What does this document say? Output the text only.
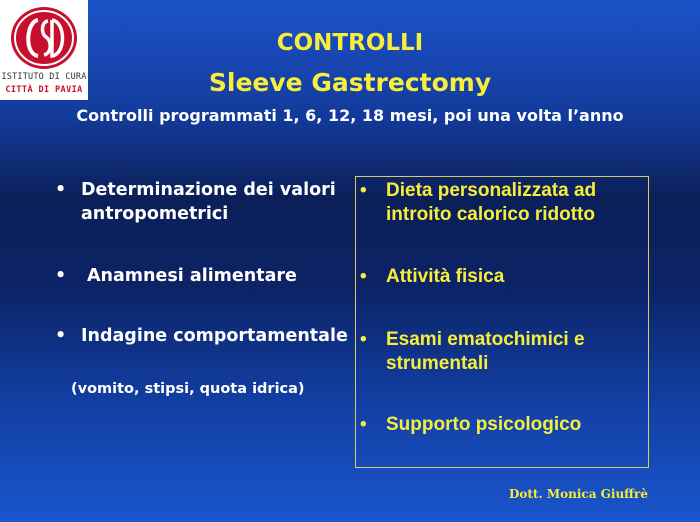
ISTITUTO DI CURA
CITTÀ DI PAVIA
CONTROLLI
Sleeve Gastrectomy
Controlli programmati 1, 6, 12, 18 mesi, poi una volta l’anno
• Determinazione dei valori antropometrici
• Anamnesi alimentare
• Indagine comportamentale
(vomito, stipsi, quota idrica)
• Dieta personalizzata ad introito calorico ridotto
• Attività fisica
• Esami ematochimici e strumentali
• Supporto psicologico
Dott. Monica Giuffrè
